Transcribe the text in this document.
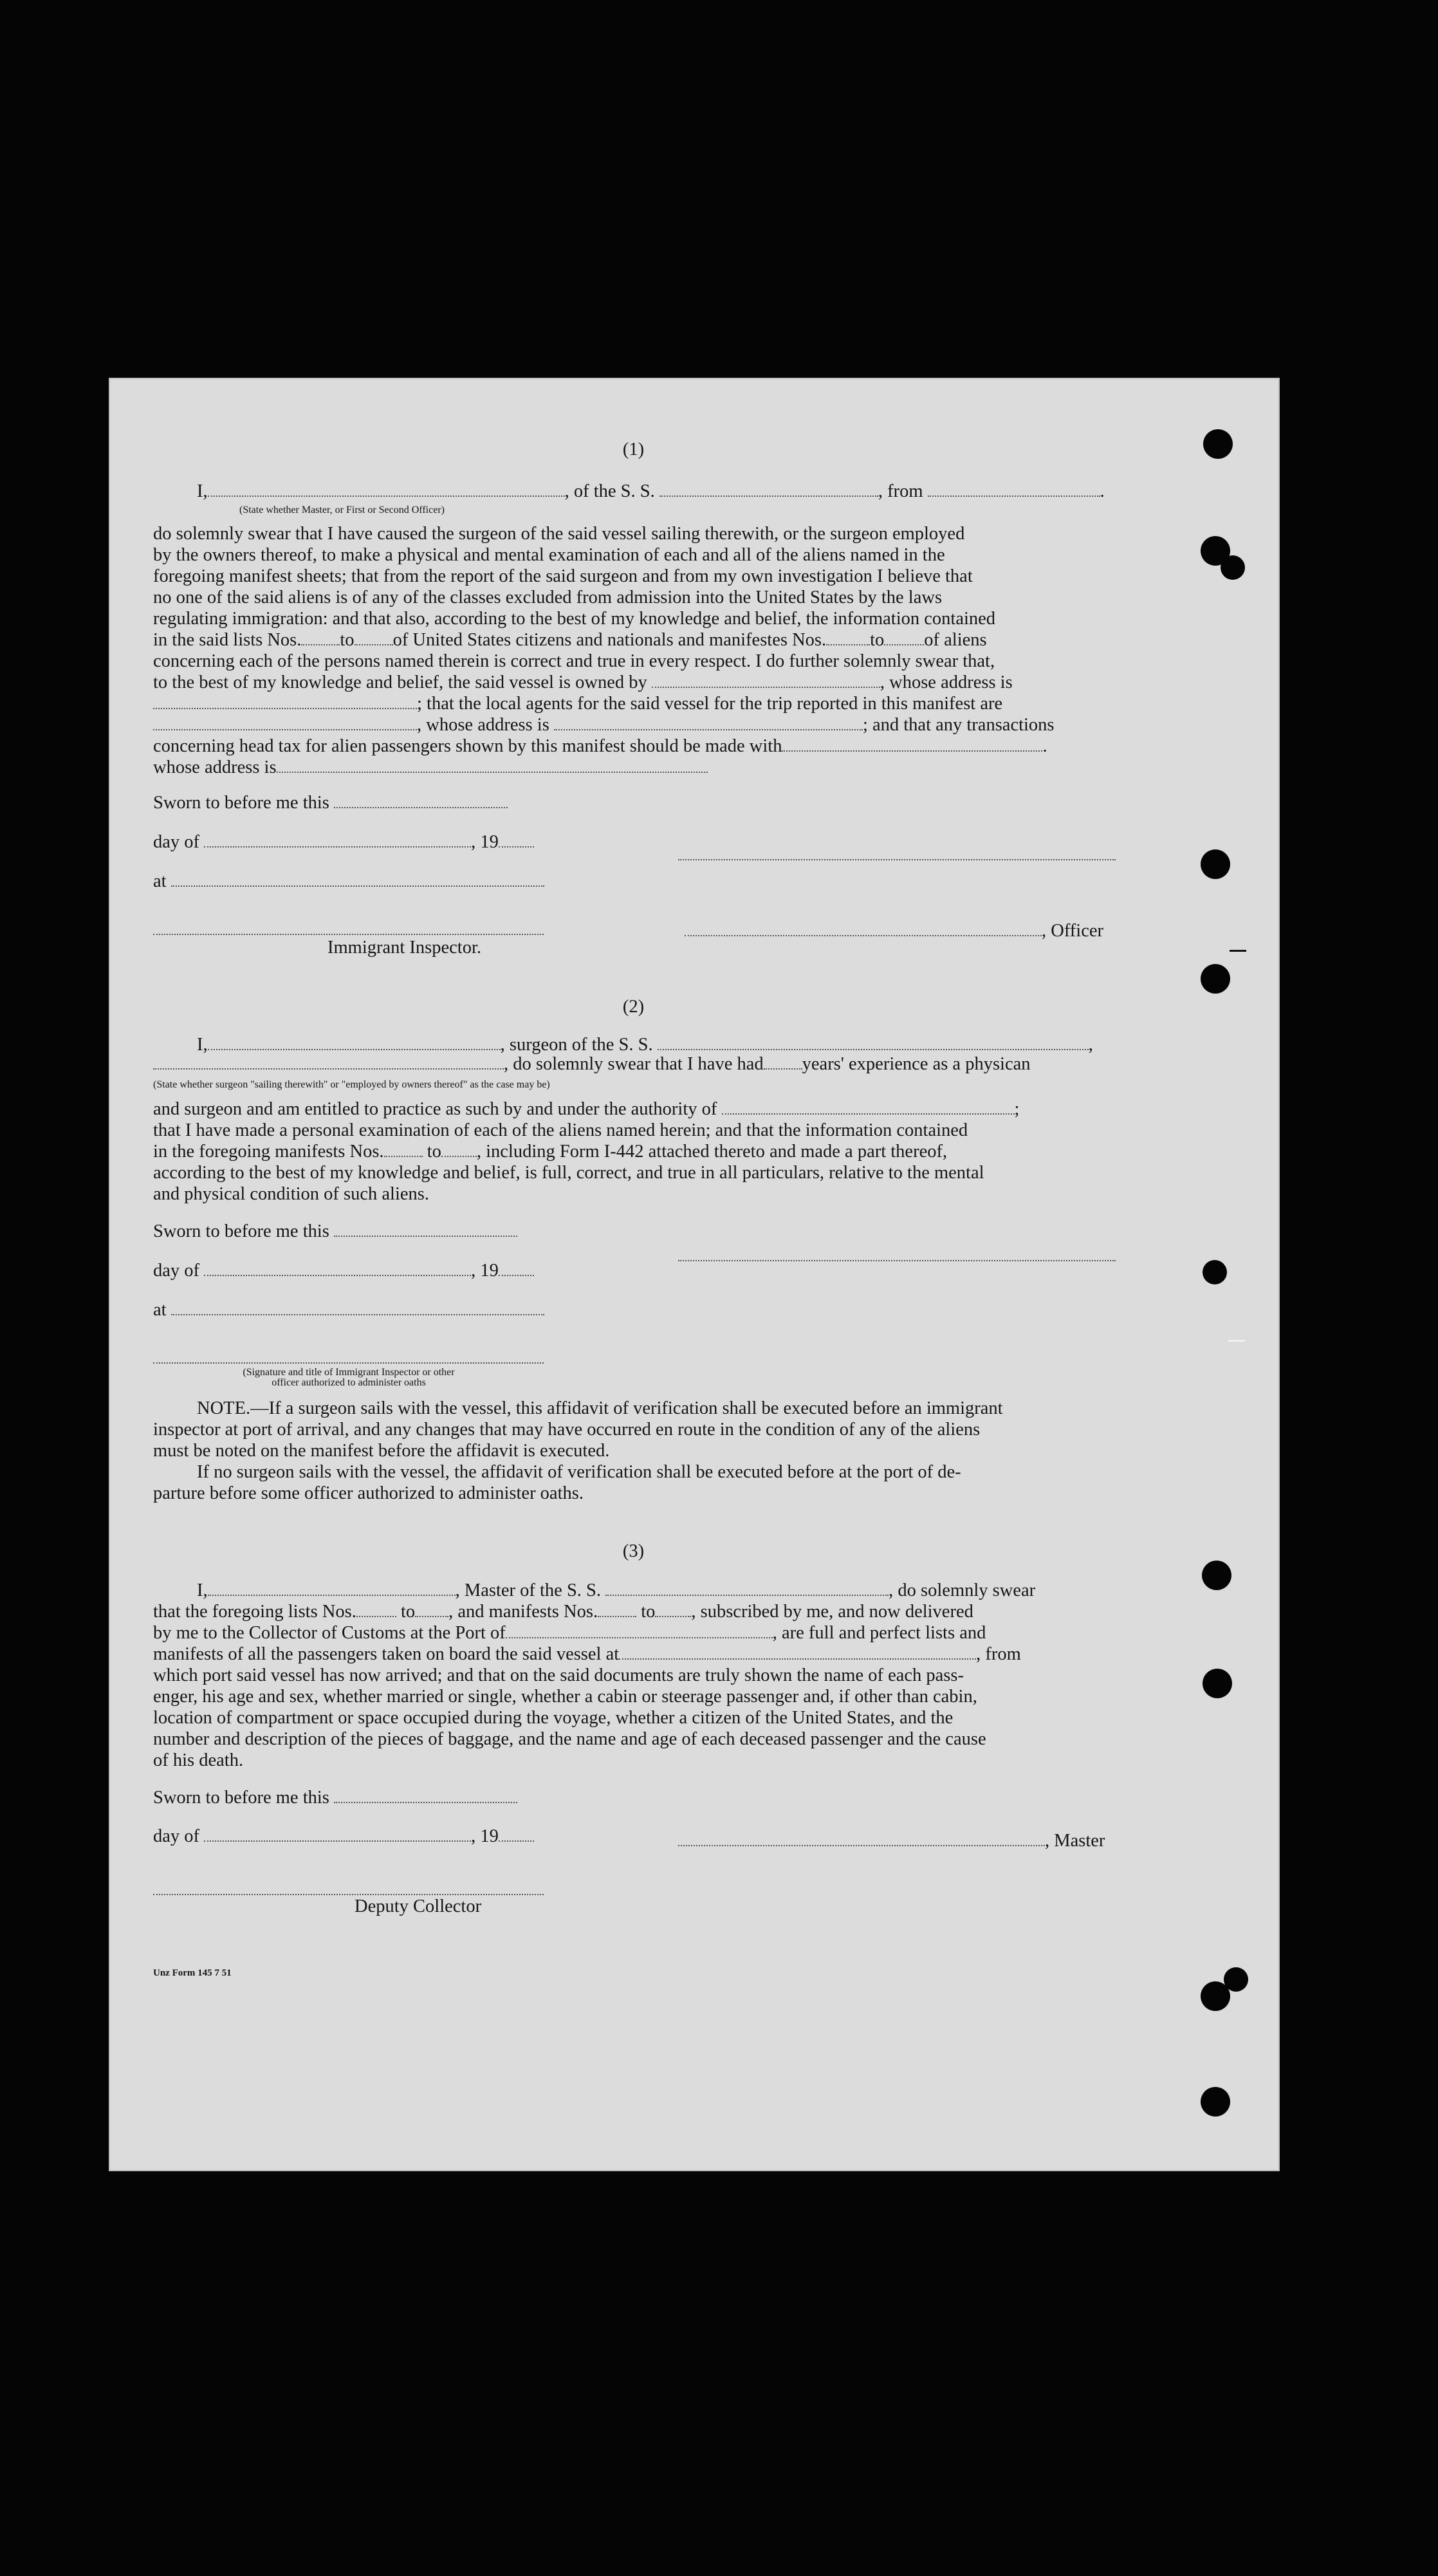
(1)
I,	, of the S. S.	, from	.
(State whether Master, or First or Second Officer)
do solemnly swear that I have caused the surgeon of the said vessel sailing therewith, or the surgeon employed
by the owners thereof, to make a physical and mental examination of each and all of the aliens named in the
foregoing manifest sheets; that from the report of the said surgeon and from my own investigation I believe that
no one of the said aliens is of any of the classes excluded from admission into the United States by the laws
regulating immigration: and that also, according to the best of my knowledge and belief, the information contained
in the said lists Nos. to of United States citizens and nationals and manifestes Nos. to of aliens
concerning each of the persons named therein is correct and true in every respect. I do further solemnly swear that,
to the best of my knowledge and belief, the said vessel is owned by	, whose address is
; that the local agents for the said vessel for the trip reported in this manifest are
, whose address is	; and that any transactions
concerning head tax for alien passengers shown by this manifest should be made with	.
whose address is
Sworn to before me this
day of	, 19
at
Immigrant Inspector.
, Officer
(2)
I,	, surgeon of the S. S.	,
, do solemnly swear that I have had years' experience as a physican
(State whether surgeon "sailing therewith" or "employed by owners thereof" as the case may be)
and surgeon and am entitled to practice as such by and under the authority of	;
that I have made a personal examination of each of the aliens named herein; and that the information contained
in the foregoing manifests Nos. to , including Form I-442 attached thereto and made a part thereof,
according to the best of my knowledge and belief, is full, correct, and true in all particulars, relative to the mental
and physical condition of such aliens.
Sworn to before me this
day of	, 19
at
(Signature and title of Immigrant Inspector or other
officer authorized to administer oaths
NOTE.—If a surgeon sails with the vessel, this affidavit of verification shall be executed before an immigrant
inspector at port of arrival, and any changes that may have occurred en route in the condition of any of the aliens
must be noted on the manifest before the affidavit is executed.
If no surgeon sails with the vessel, the affidavit of verification shall be executed before at the port of de-
parture before some officer authorized to administer oaths.
(3)
I,	, Master of the S. S.	, do solemnly swear
that the foregoing lists Nos. to , and manifests Nos. to , subscribed by me, and now delivered
by me to the Collector of Customs at the Port of	, are full and perfect lists and
manifests of all the passengers taken on board the said vessel at	, from
which port said vessel has now arrived; and that on the said documents are truly shown the name of each pass-
enger, his age and sex, whether married or single, whether a cabin or steerage passenger and, if other than cabin,
location of compartment or space occupied during the voyage, whether a citizen of the United States, and the
number and description of the pieces of baggage, and the name and age of each deceased passenger and the cause
of his death.
Sworn to before me this
day of	, 19	, Master
Deputy Collector
Unz Form 145 7 51
